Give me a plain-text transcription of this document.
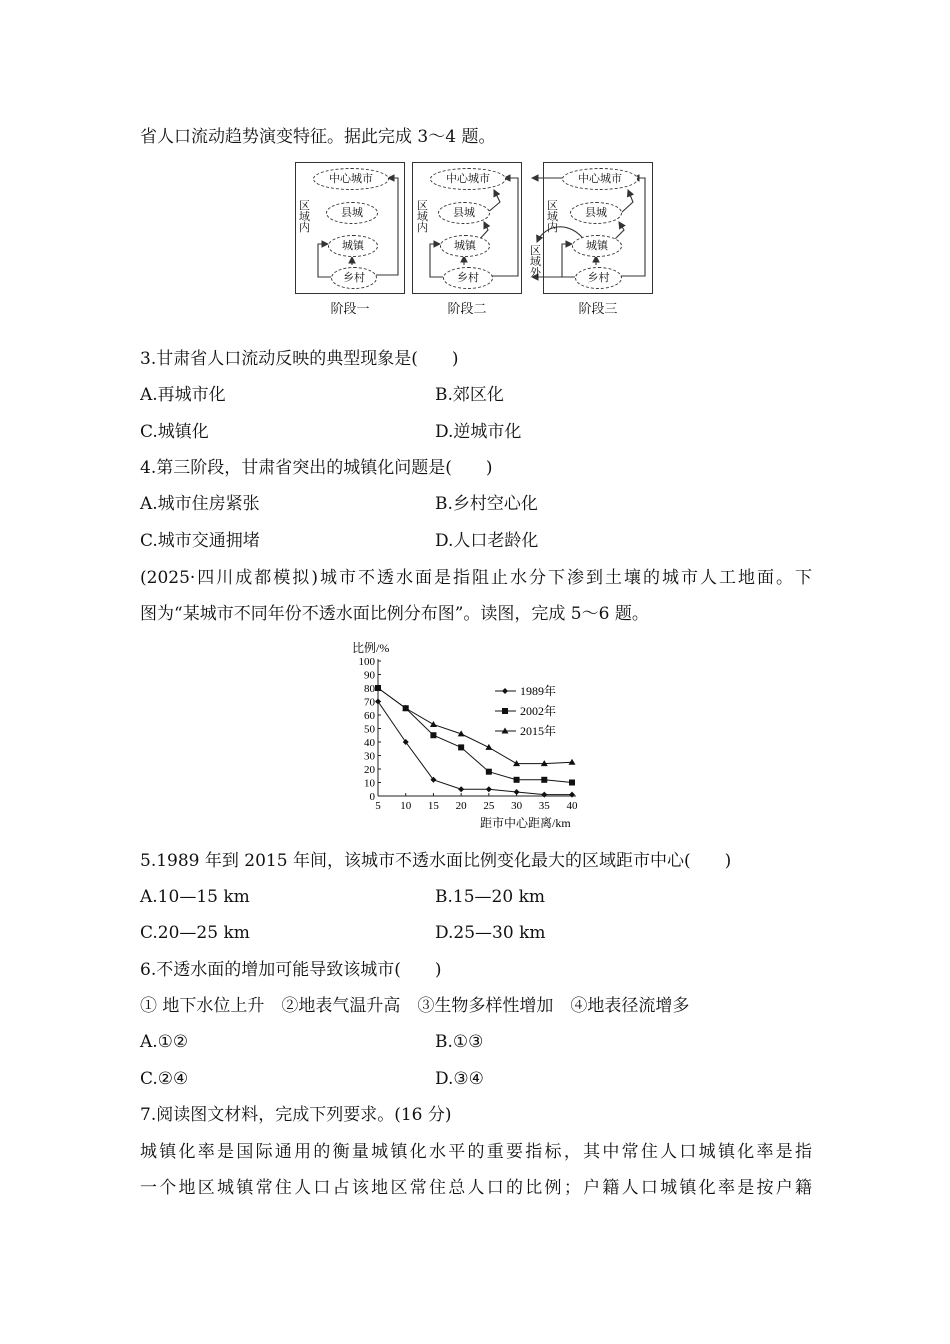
省人口流动趋势演变特征。据此完成 3～4 题。
区域内
中心城市
县城
城镇
乡村
阶段一
区域内
中心城市
县城
城镇
乡村
阶段二
区域内
区域外
中心城市
县城
城镇
乡村
阶段三
3.甘肃省人口流动反映的典型现象是(　　)
A.再城市化	B.郊区化
C.城镇化	D.逆城市化
4.第三阶段，甘肃省突出的城镇化问题是(　　)
A.城市住房紧张	B.乡村空心化
C.城市交通拥堵	D.人口老龄化
(2025·四川成都模拟)城市不透水面是指阻止水分下渗到土壤的城市人工地面。下
图为“某城市不同年份不透水面比例分布图”。读图，完成 5～6 题。
比例/%
距市中心距离/km
0
10
20
30
40
50
60
70
80
90
100
5 10 15 20 25 30 35 40
1989年
2002年
2015年
5.1989 年到 2015 年间，该城市不透水面比例变化最大的区域距市中心(　　)
A.10—15 km	B.15—20 km
C.20—25 km	D.25—30 km
6.不透水面的增加可能导致该城市(　　)
① 地下水位上升　②地表气温升高　③生物多样性增加　④地表径流增多
A.①②	B.①③
C.②④	D.③④
7.阅读图文材料，完成下列要求。(16 分)
城镇化率是国际通用的衡量城镇化水平的重要指标，其中常住人口城镇化率是指
一个地区城镇常住人口占该地区常住总人口的比例；户籍人口城镇化率是按户籍
